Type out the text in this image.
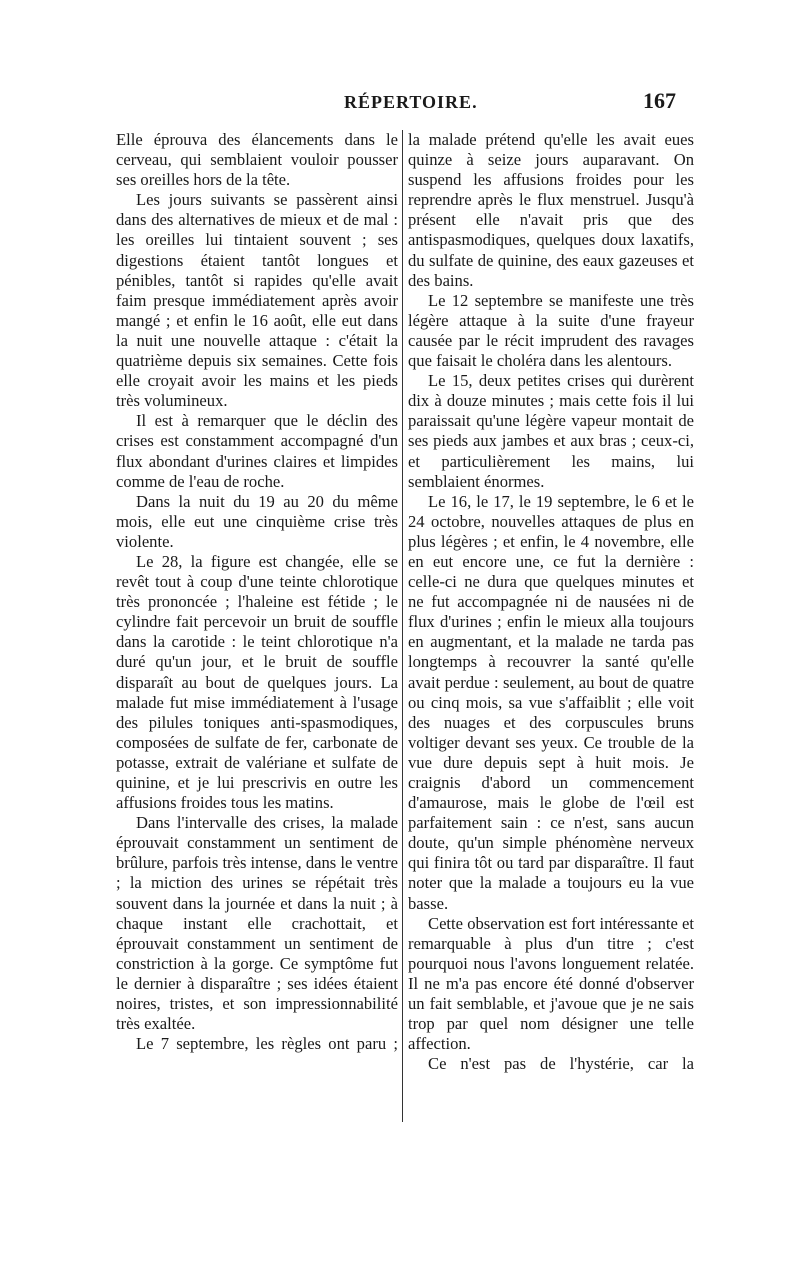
RÉPERTOIRE.	167

Elle éprouva des élancements dans le cerveau, qui semblaient vouloir pousser ses oreilles hors de la tête.

Les jours suivants se passèrent ainsi dans des alternatives de mieux et de mal : les oreilles lui tintaient souvent ; ses digestions étaient tantôt longues et pénibles, tantôt si rapides qu'elle avait faim presque immédiatement après avoir mangé ; et enfin le 16 août, elle eut dans la nuit une nouvelle attaque : c'était la quatrième depuis six semaines. Cette fois elle croyait avoir les mains et les pieds très volumineux.

Il est à remarquer que le déclin des crises est constamment accompagné d'un flux abondant d'urines claires et limpides comme de l'eau de roche.

Dans la nuit du 19 au 20 du même mois, elle eut une cinquième crise très violente.

Le 28, la figure est changée, elle se revêt tout à coup d'une teinte chlorotique très prononcée ; l'haleine est fétide ; le cylindre fait percevoir un bruit de souffle dans la carotide : le teint chlorotique n'a duré qu'un jour, et le bruit de souffle disparaît au bout de quelques jours. La malade fut mise immédiatement à l'usage des pilules toniques anti-spasmodiques, composées de sulfate de fer, carbonate de potasse, extrait de valériane et sulfate de quinine, et je lui prescrivis en outre les affusions froides tous les matins.

Dans l'intervalle des crises, la malade éprouvait constamment un sentiment de brûlure, parfois très intense, dans le ventre ; la miction des urines se répétait très souvent dans la journée et dans la nuit ; à chaque instant elle crachottait, et éprouvait constamment un sentiment de constriction à la gorge. Ce symptôme fut le dernier à disparaître ; ses idées étaient noires, tristes, et son impressionnabilité très exaltée.

Le 7 septembre, les règles ont paru ;

la malade prétend qu'elle les avait eues quinze à seize jours auparavant. On suspend les affusions froides pour les reprendre après le flux menstruel. Jusqu'à présent elle n'avait pris que des antispasmodiques, quelques doux laxatifs, du sulfate de quinine, des eaux gazeuses et des bains.

Le 12 septembre se manifeste une très légère attaque à la suite d'une frayeur causée par le récit imprudent des ravages que faisait le choléra dans les alentours.

Le 15, deux petites crises qui durèrent dix à douze minutes ; mais cette fois il lui paraissait qu'une légère vapeur montait de ses pieds aux jambes et aux bras ; ceux-ci, et particulièrement les mains, lui semblaient énormes.

Le 16, le 17, le 19 septembre, le 6 et le 24 octobre, nouvelles attaques de plus en plus légères ; et enfin, le 4 novembre, elle en eut encore une, ce fut la dernière : celle-ci ne dura que quelques minutes et ne fut accompagnée ni de nausées ni de flux d'urines ; enfin le mieux alla toujours en augmentant, et la malade ne tarda pas longtemps à recouvrer la santé qu'elle avait perdue : seulement, au bout de quatre ou cinq mois, sa vue s'affaiblit ; elle voit des nuages et des corpuscules bruns voltiger devant ses yeux. Ce trouble de la vue dure depuis sept à huit mois. Je craignis d'abord un commencement d'amaurose, mais le globe de l'œil est parfaitement sain : ce n'est, sans aucun doute, qu'un simple phénomène nerveux qui finira tôt ou tard par disparaître. Il faut noter que la malade a toujours eu la vue basse.

Cette observation est fort intéressante et remarquable à plus d'un titre ; c'est pourquoi nous l'avons longuement relatée. Il ne m'a pas encore été donné d'observer un fait semblable, et j'avoue que je ne sais trop par quel nom désigner une telle affection.

Ce n'est pas de l'hystérie, car la
